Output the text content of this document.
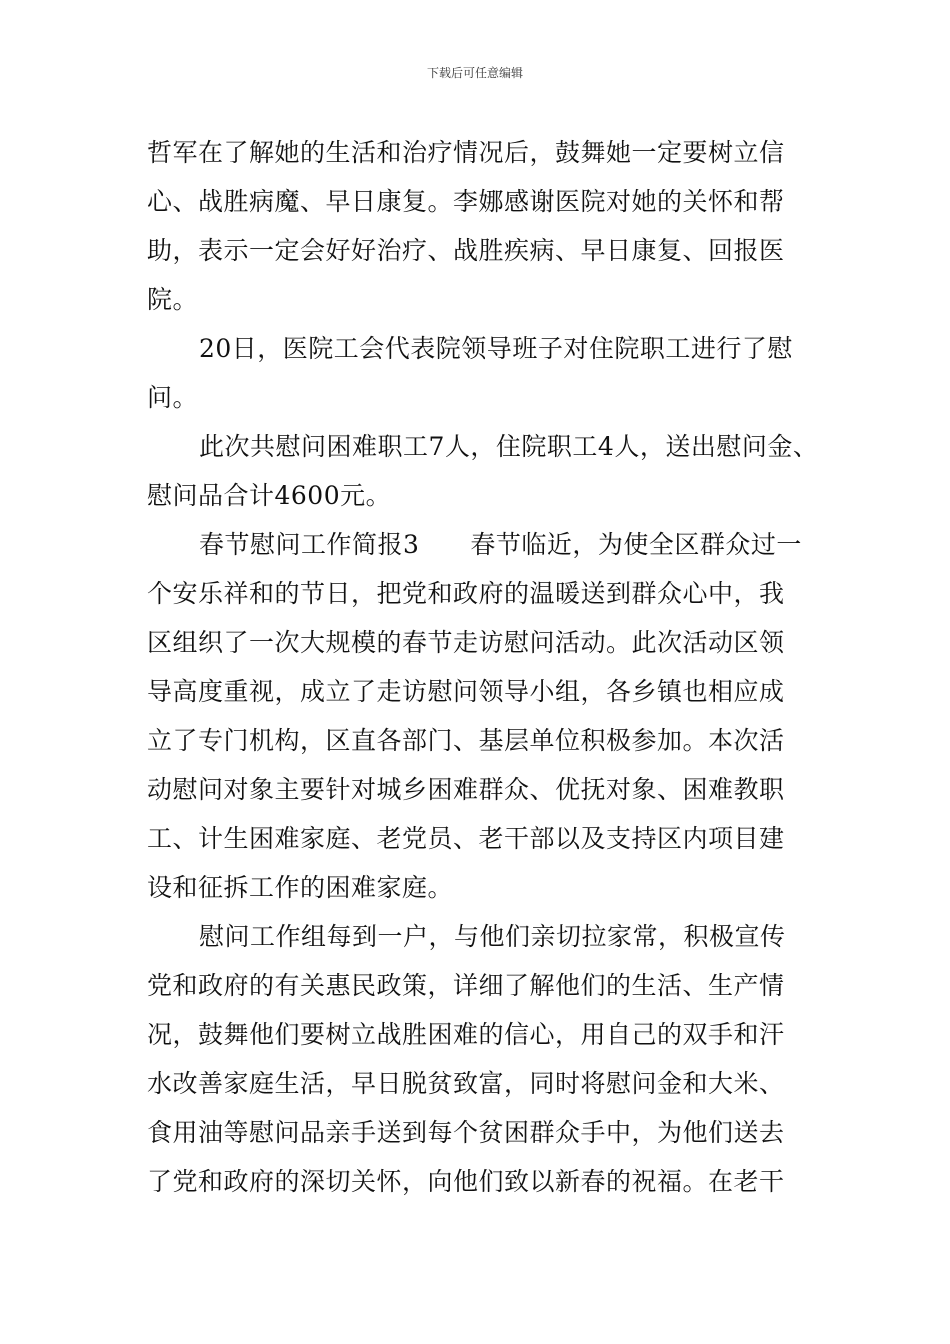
下载后可任意编辑

哲军在了解她的生活和治疗情况后，鼓舞她一定要树立信
心、战胜病魔、早日康复。李娜感谢医院对她的关怀和帮
助，表示一定会好好治疗、战胜疾病、早日康复、回报医
院。

20日，医院工会代表院领导班子对住院职工进行了慰
问。

此次共慰问困难职工7人，住院职工4人，送出慰问金、
慰问品合计4600元。

春节慰问工作简报3　　春节临近，为使全区群众过一
个安乐祥和的节日，把党和政府的温暖送到群众心中，我
区组织了一次大规模的春节走访慰问活动。此次活动区领
导高度重视，成立了走访慰问领导小组，各乡镇也相应成
立了专门机构，区直各部门、基层单位积极参加。本次活
动慰问对象主要针对城乡困难群众、优抚对象、困难教职
工、计生困难家庭、老党员、老干部以及支持区内项目建
设和征拆工作的困难家庭。

慰问工作组每到一户，与他们亲切拉家常，积极宣传
党和政府的有关惠民政策，详细了解他们的生活、生产情
况，鼓舞他们要树立战胜困难的信心，用自己的双手和汗
水改善家庭生活，早日脱贫致富，同时将慰问金和大米、
食用油等慰问品亲手送到每个贫困群众手中，为他们送去
了党和政府的深切关怀，向他们致以新春的祝福。在老干
